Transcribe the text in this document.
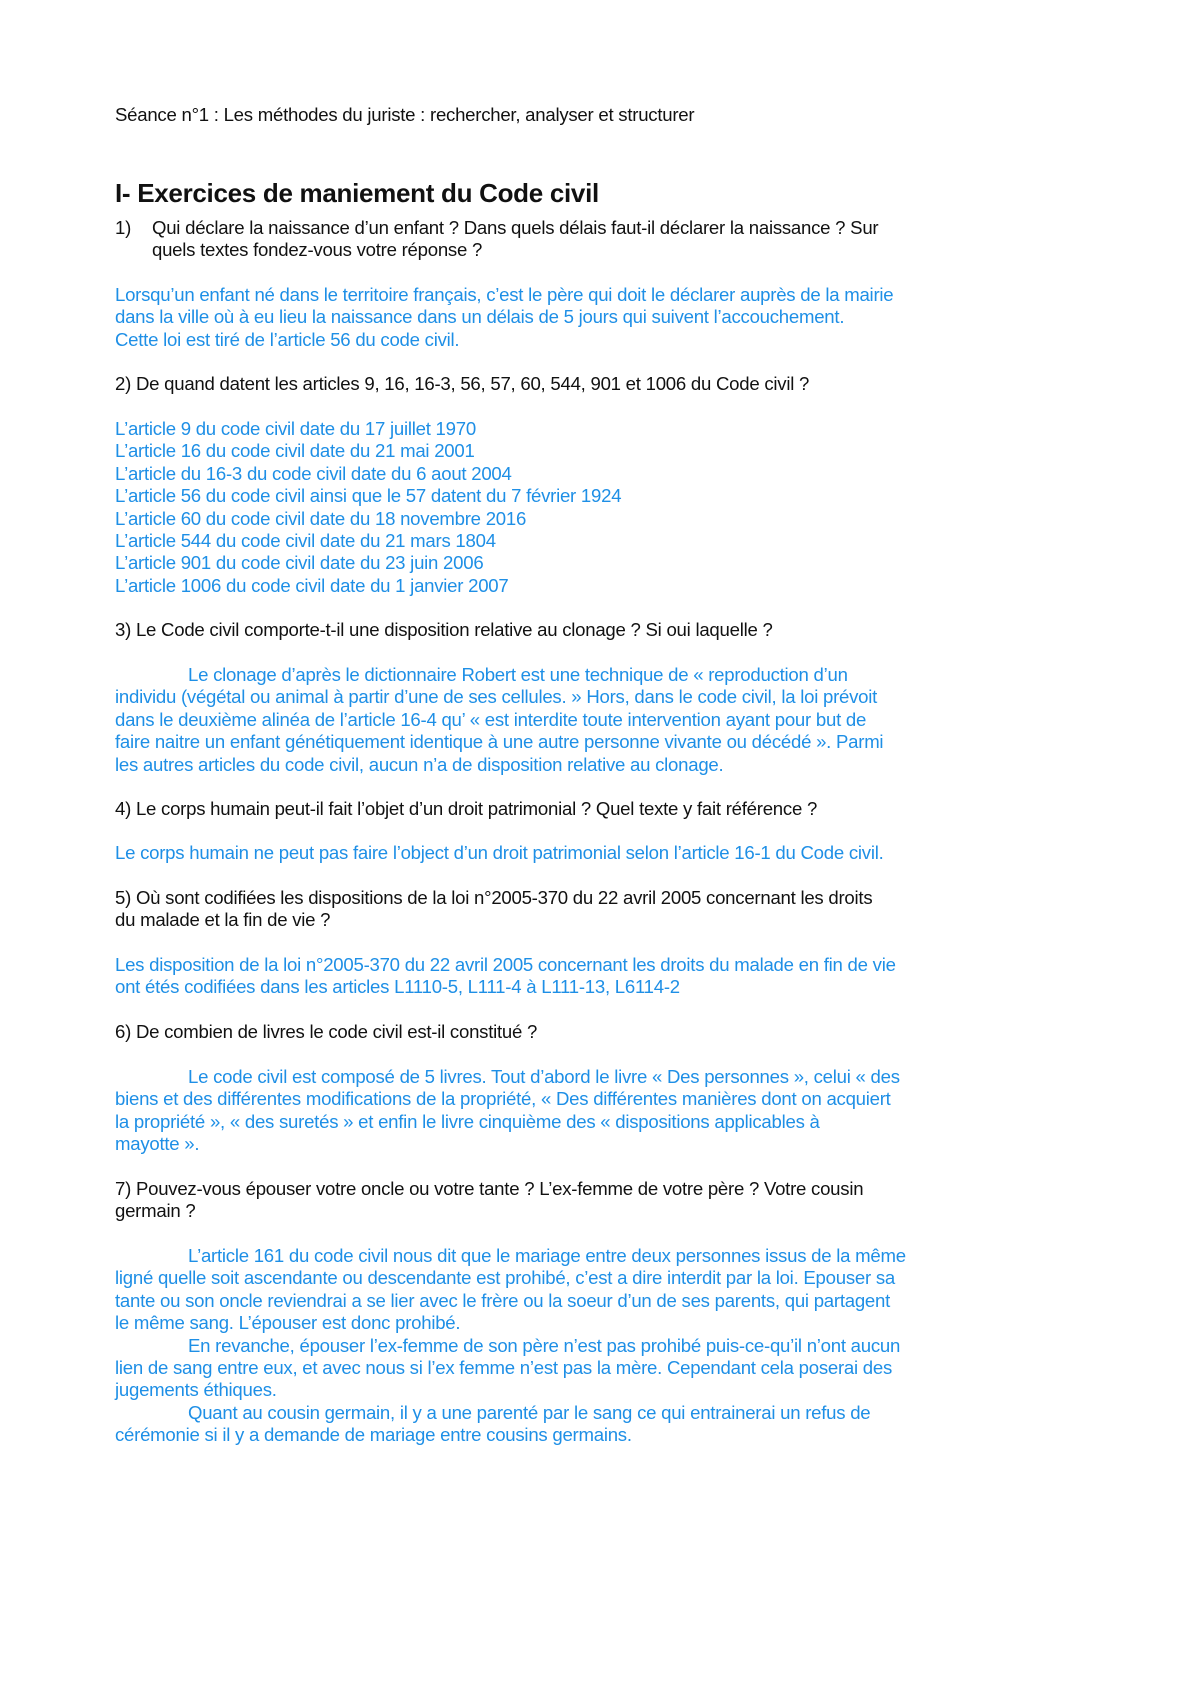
Séance n°1 : Les méthodes du juriste : rechercher, analyser et structurer
I- Exercices de maniement du Code civil
1) Qui déclare la naissance d’un enfant ? Dans quels délais faut-il déclarer la naissance ? Sur
quels textes fondez-vous votre réponse ?
Lorsqu’un enfant né dans le territoire français, c’est le père qui doit le déclarer auprès de la mairie
dans la ville où à eu lieu la naissance dans un délais de 5 jours qui suivent l’accouchement.
Cette loi est tiré de l’article 56 du code civil.
2) De quand datent les articles 9, 16, 16-3, 56, 57, 60, 544, 901 et 1006 du Code civil ?
L’article 9 du code civil date du 17 juillet 1970
L’article 16 du code civil date du 21 mai 2001
L’article du 16-3 du code civil date du 6 aout 2004
L’article 56 du code civil ainsi que le 57 datent du 7 février 1924
L’article 60 du code civil date du 18 novembre 2016
L’article 544 du code civil date du 21 mars 1804
L’article 901 du code civil date du 23 juin 2006
L’article 1006 du code civil date du 1 janvier 2007
3) Le Code civil comporte-t-il une disposition relative au clonage ? Si oui laquelle ?
Le clonage d’après le dictionnaire Robert est une technique de « reproduction d’un
individu (végétal ou animal à partir d’une de ses cellules. » Hors, dans le code civil, la loi prévoit
dans le deuxième alinéa de l’article 16-4 qu’ « est interdite toute intervention ayant pour but de
faire naitre un enfant génétiquement identique à une autre personne vivante ou décédé ». Parmi
les autres articles du code civil, aucun n’a de disposition relative au clonage.
4) Le corps humain peut-il fait l’objet d’un droit patrimonial ? Quel texte y fait référence ?
Le corps humain ne peut pas faire l’object d’un droit patrimonial selon l’article 16-1 du Code civil.
5) Où sont codifiées les dispositions de la loi n°2005-370 du 22 avril 2005 concernant les droits
du malade et la fin de vie ?
Les disposition de la loi n°2005-370 du 22 avril 2005 concernant les droits du malade en fin de vie
ont étés codifiées dans les articles L1110-5, L111-4 à L111-13, L6114-2
6) De combien de livres le code civil est-il constitué ?
Le code civil est composé de 5 livres. Tout d’abord le livre « Des personnes », celui « des
biens et des différentes modifications de la propriété, « Des différentes manières dont on acquiert
la propriété », « des suretés » et enfin le livre cinquième des « dispositions applicables à
mayotte ».
7) Pouvez-vous épouser votre oncle ou votre tante ? L’ex-femme de votre père ? Votre cousin
germain ?
L’article 161 du code civil nous dit que le mariage entre deux personnes issus de la même
ligné quelle soit ascendante ou descendante est prohibé, c’est a dire interdit par la loi. Epouser sa
tante ou son oncle reviendrai a se lier avec le frère ou la soeur d’un de ses parents, qui partagent
le même sang. L’épouser est donc prohibé.
En revanche, épouser l’ex-femme de son père n’est pas prohibé puis-ce-qu’il n’ont aucun
lien de sang entre eux, et avec nous si l’ex femme n’est pas la mère. Cependant cela poserai des
jugements éthiques.
Quant au cousin germain, il y a une parenté par le sang ce qui entrainerai un refus de
cérémonie si il y a demande de mariage entre cousins germains.
